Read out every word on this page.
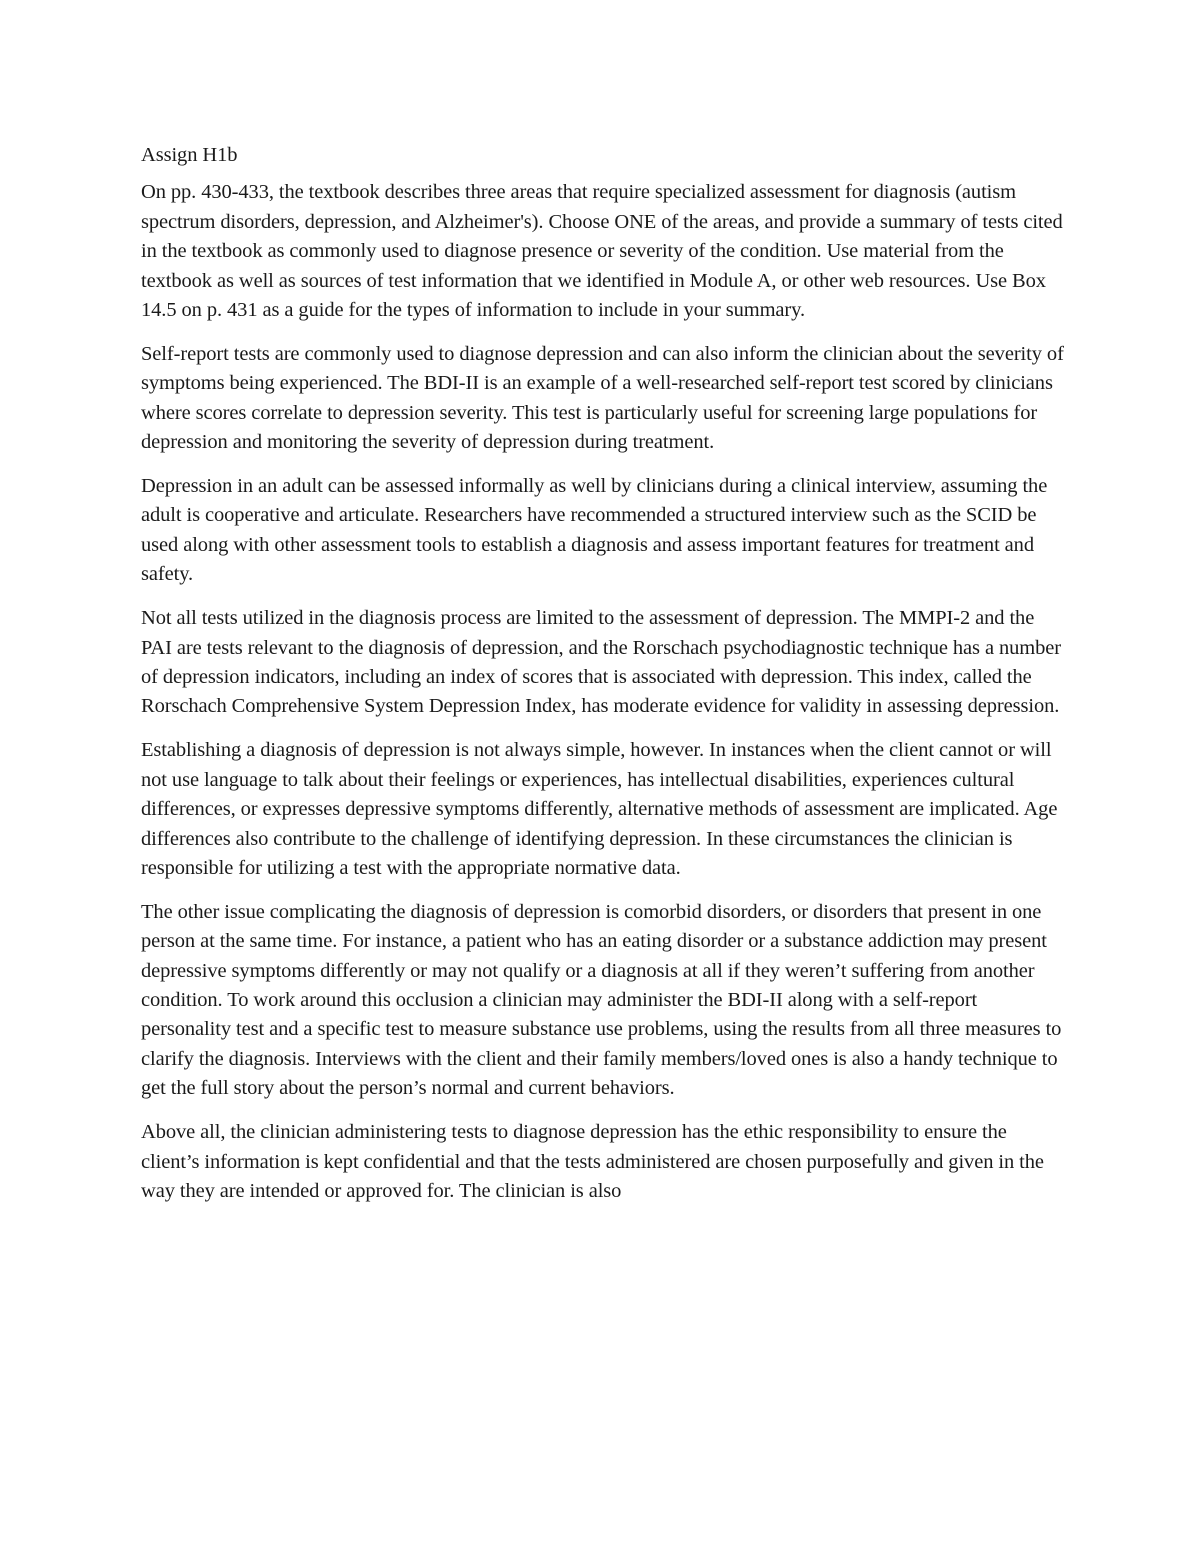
Assign H1b

On pp. 430-433, the textbook describes three areas that require specialized assessment for diagnosis (autism spectrum disorders, depression, and Alzheimer's). Choose ONE of the areas, and provide a summary of tests cited in the textbook as commonly used to diagnose presence or severity of the condition. Use material from the textbook as well as sources of test information that we identified in Module A, or other web resources. Use Box 14.5 on p. 431 as a guide for the types of information to include in your summary.

Self-report tests are commonly used to diagnose depression and can also inform the clinician about the severity of symptoms being experienced. The BDI-II is an example of a well-researched self-report test scored by clinicians where scores correlate to depression severity. This test is particularly useful for screening large populations for depression and monitoring the severity of depression during treatment.

Depression in an adult can be assessed informally as well by clinicians during a clinical interview, assuming the adult is cooperative and articulate. Researchers have recommended a structured interview such as the SCID be used along with other assessment tools to establish a diagnosis and assess important features for treatment and safety.

Not all tests utilized in the diagnosis process are limited to the assessment of depression. The MMPI-2 and the PAI are tests relevant to the diagnosis of depression, and the Rorschach psychodiagnostic technique has a number of depression indicators, including an index of scores that is associated with depression. This index, called the Rorschach Comprehensive System Depression Index, has moderate evidence for validity in assessing depression.

Establishing a diagnosis of depression is not always simple, however. In instances when the client cannot or will not use language to talk about their feelings or experiences, has intellectual disabilities, experiences cultural differences, or expresses depressive symptoms differently, alternative methods of assessment are implicated. Age differences also contribute to the challenge of identifying depression. In these circumstances the clinician is responsible for utilizing a test with the appropriate normative data.

The other issue complicating the diagnosis of depression is comorbid disorders, or disorders that present in one person at the same time. For instance, a patient who has an eating disorder or a substance addiction may present depressive symptoms differently or may not qualify or a diagnosis at all if they weren’t suffering from another condition. To work around this occlusion a clinician may administer the BDI-II along with a self-report personality test and a specific test to measure substance use problems, using the results from all three measures to clarify the diagnosis. Interviews with the client and their family members/loved ones is also a handy technique to get the full story about the person’s normal and current behaviors.

Above all, the clinician administering tests to diagnose depression has the ethic responsibility to ensure the client’s information is kept confidential and that the tests administered are chosen purposefully and given in the way they are intended or approved for. The clinician is also
